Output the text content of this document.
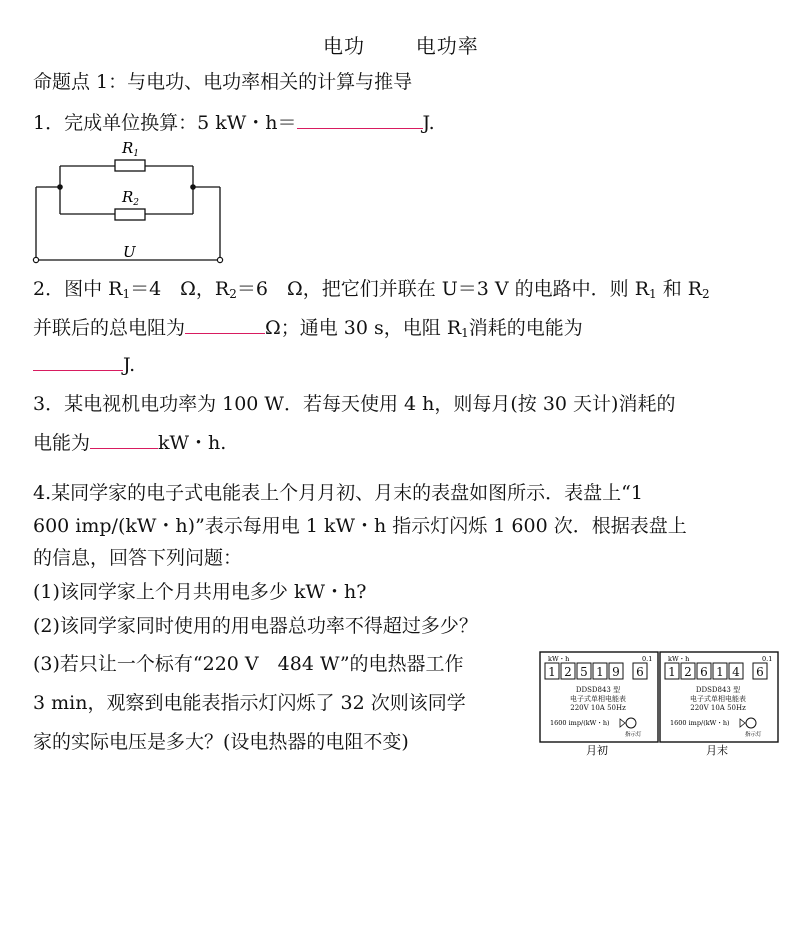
电功	电功率
命题点 1：与电功、电功率相关的计算与推导
1．完成单位换算：5 kW・h＝	J.
$R_1$
$R_2$
U
2．图中 $R_1=4$　Ω，$R_2=6$　Ω，把它们并联在 U＝3 V 的电路中．则 $R_1$ 和 $R_2$
并联后的总电阻为	Ω；通电 30 s，电阻 $R_1$消耗的电能为
J.
3．某电视机电功率为 100 W．若每天使用 4 h，则每月(按 30 天计)消耗的
电能为	kW・h.
4.某同学家的电子式电能表上个月月初、月末的表盘如图所示．表盘上“1
600 imp/(kW・h)”表示每用电 1 kW・h 指示灯闪烁 1 600 次．根据表盘上
的信息，回答下列问题：
(1)该同学家上个月共用电多少 kW・h?
(2)该同学家同时使用的用电器总功率不得超过多少？
(3)若只让一个标有“220 V　484 W”的电热器工作
3 min，观察到电能表指示灯闪烁了 32 次则该同学
家的实际电压是多大？(设电热器的电阻不变)
kW・h	0.1
1 2 5 1 9 6
DDSD843 型
电子式单相电能表
220V 10A 50Hz
1600 imp/(kW・h)
指示灯
月初
kW・h	0.1
1 2 6 1 4 6
DDSD843 型
电子式单相电能表
220V 10A 50Hz
1600 imp/(kW・h)
指示灯
月末
